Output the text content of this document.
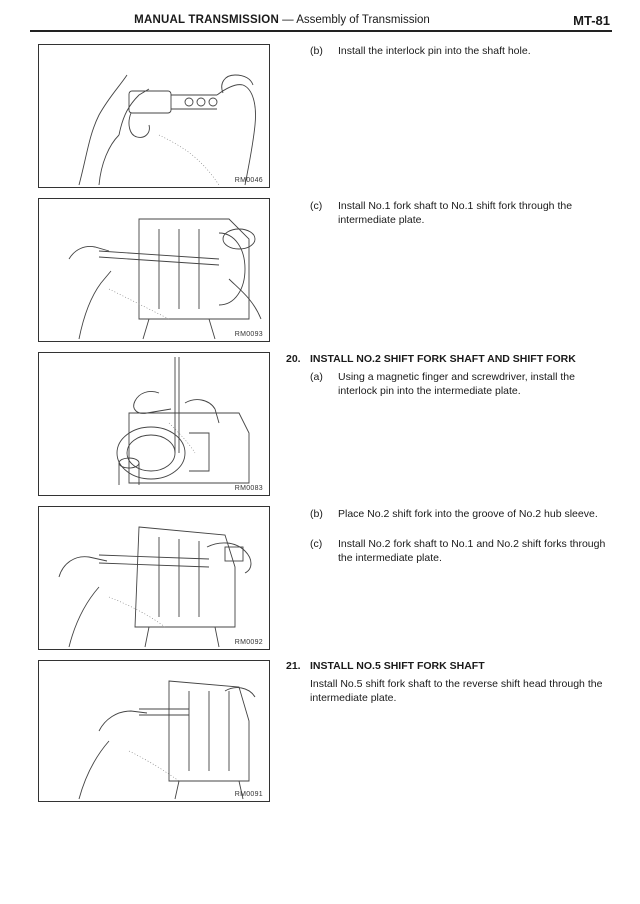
MANUAL TRANSMISSION — Assembly of Transmission	MT-81
RM0046
RM0093
RM0083
RM0092
RM0091
(b) Install the interlock pin into the shaft hole.
(c) Install No.1 fork shaft to No.1 shift fork through the intermediate plate.
20. INSTALL NO.2 SHIFT FORK SHAFT AND SHIFT FORK
(a) Using a magnetic finger and screwdriver, install the interlock pin into the intermediate plate.
(b) Place No.2 shift fork into the groove of No.2 hub sleeve.
(c) Install No.2 fork shaft to No.1 and No.2 shift forks through the intermediate plate.
21. INSTALL NO.5 SHIFT FORK SHAFT
Install No.5 shift fork shaft to the reverse shift head through the intermediate plate.
